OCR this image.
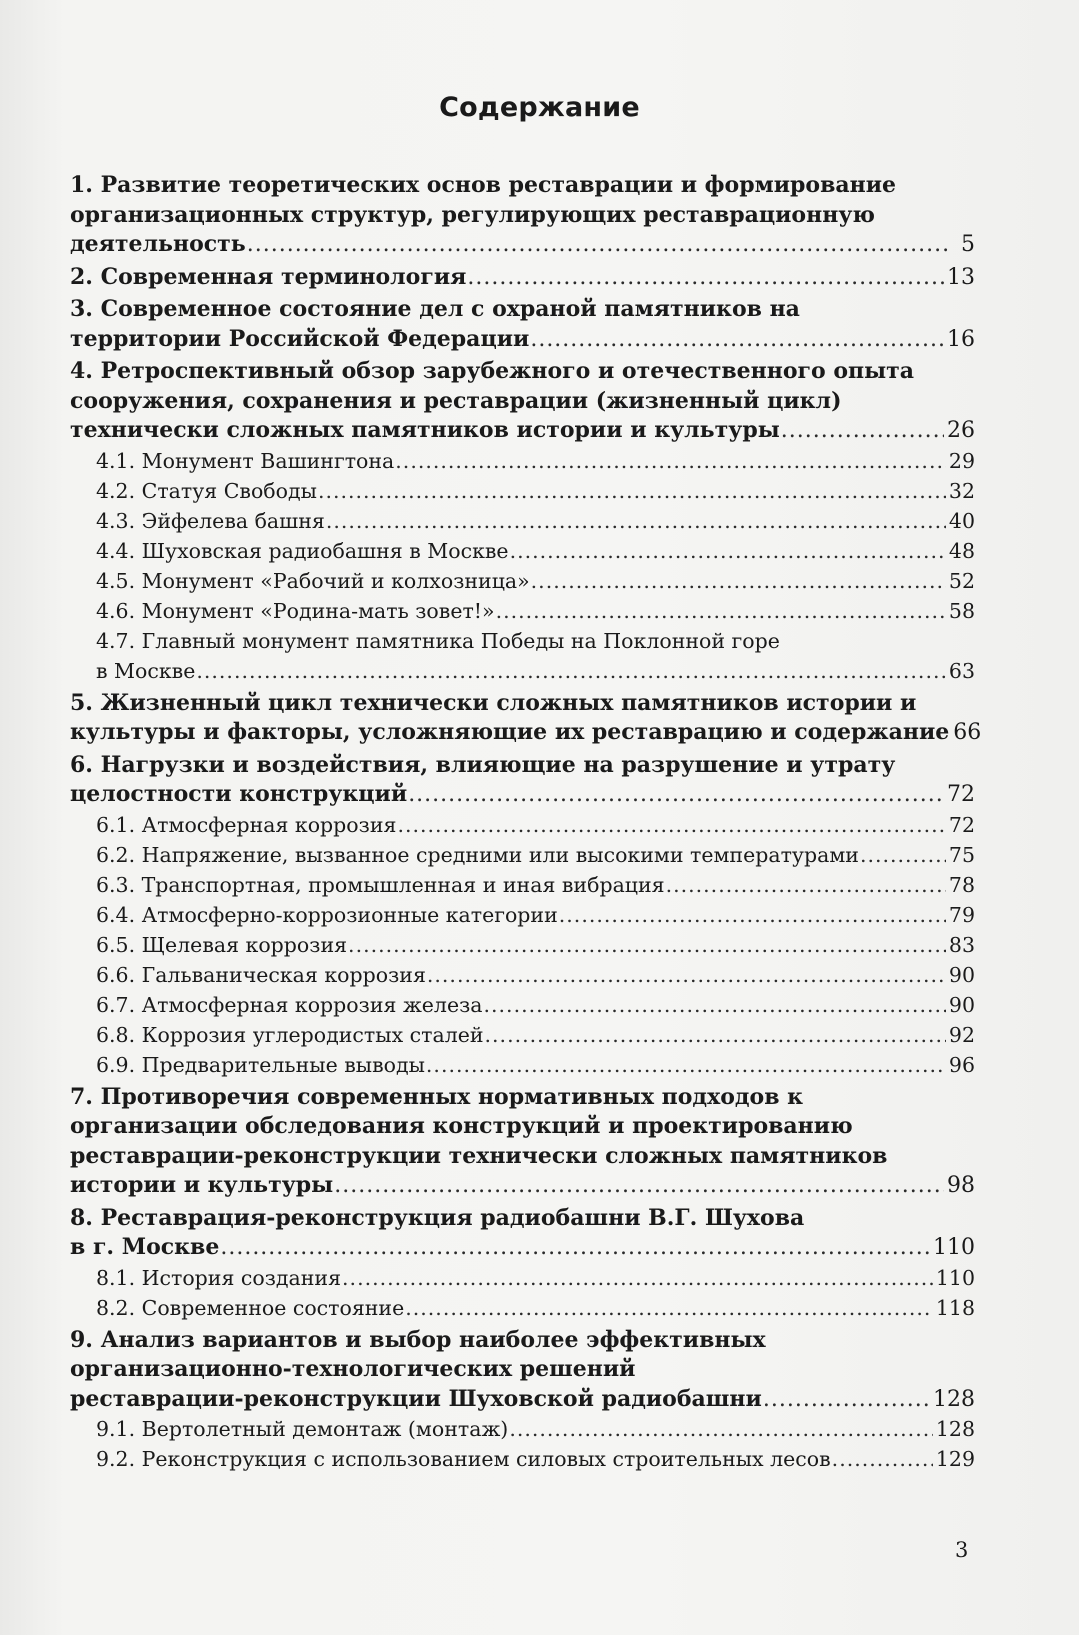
Содержание
1. Развитие теоретических основ реставрации и формирование
организационных структур, регулирующих реставрационную
деятельность .....	5
2. Современная терминология .....	13
3. Современное состояние дел с охраной памятников на
территории Российской Федерации .....	16
4. Ретроспективный обзор зарубежного и отечественного опыта
сооружения, сохранения и реставрации (жизненный цикл)
технически сложных памятников истории и культуры .....	26
4.1. Монумент Вашингтона .....	29
4.2. Статуя Свободы .....	32
4.3. Эйфелева башня .....	40
4.4. Шуховская радиобашня в Москве .....	48
4.5. Монумент «Рабочий и колхозница» .....	52
4.6. Монумент «Родина-мать зовет!» .....	58
4.7. Главный монумент памятника Победы на Поклонной горе
в Москве .....	63
5. Жизненный цикл технически сложных памятников истории и
культуры и факторы, усложняющие их реставрацию и содержание 66
6. Нагрузки и воздействия, влияющие на разрушение и утрату
целостности конструкций .....	72
6.1. Атмосферная коррозия .....	72
6.2. Напряжение, вызванное средними или высокими температурами .....	75
6.3. Транспортная, промышленная и иная вибрация .....	78
6.4. Атмосферно-коррозионные категории .....	79
6.5. Щелевая коррозия .....	83
6.6. Гальваническая коррозия .....	90
6.7. Атмосферная коррозия железа .....	90
6.8. Коррозия углеродистых сталей .....	92
6.9. Предварительные выводы .....	96
7. Противоречия современных нормативных подходов к
организации обследования конструкций и проектированию
реставрации-реконструкции технически сложных памятников
истории и культуры .....	98
8. Реставрация-реконструкция радиобашни В.Г. Шухова
в г. Москве .....	110
8.1. История создания .....	110
8.2. Современное состояние .....	118
9. Анализ вариантов и выбор наиболее эффективных
организационно-технологических решений
реставрации-реконструкции Шуховской радиобашни .....	128
9.1. Вертолетный демонтаж (монтаж) .....	128
9.2. Реконструкция с использованием силовых строительных лесов .....	129
3
